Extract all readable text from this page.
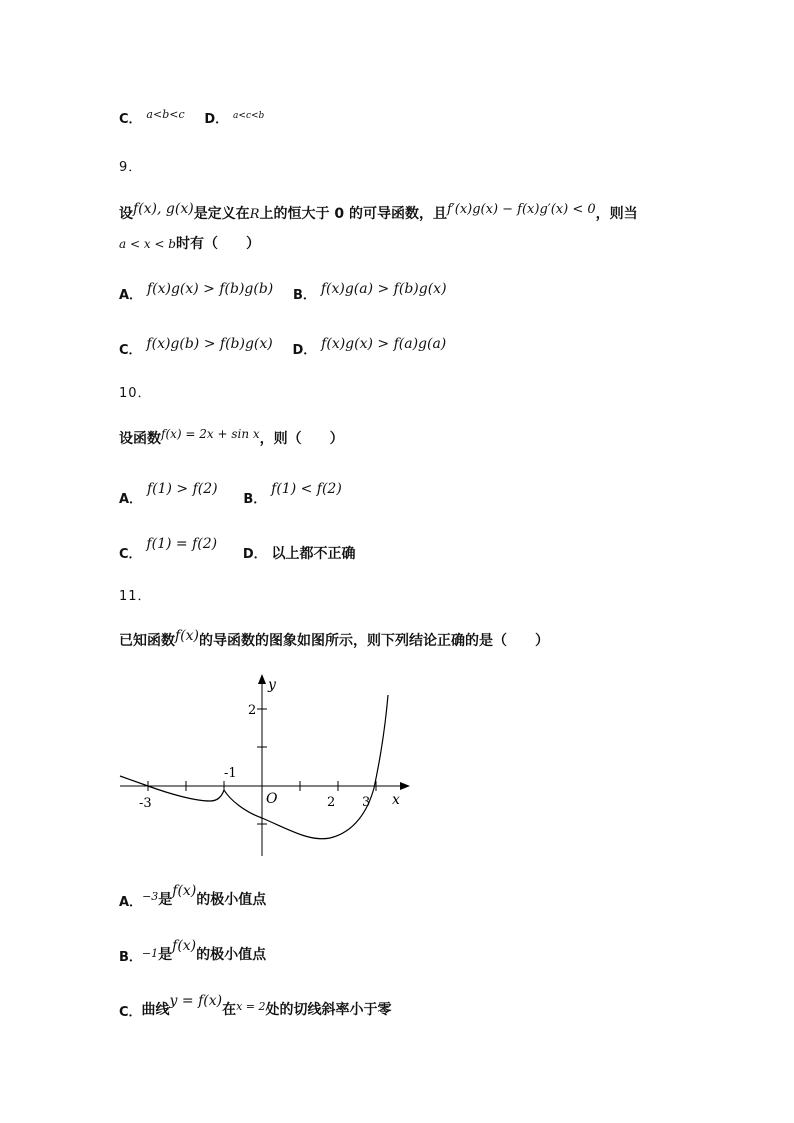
C． $^{a<b<c}$ D． $^{a<c<b}$
9．
设f(x), g(x)是定义在R上的恒大于 0 的可导函数，且f′(x)g(x) − f(x)g′(x) < 0，则当
a < x < b时有（　　）
A． f(x)g(x) > f(b)g(b) B． f(x)g(a) > f(b)g(x)
C． f(x)g(b) > f(b)g(x) D． f(x)g(x) > f(a)g(a)
10．
设函数f(x) = 2x + sin x，则（　　）
A． f(1) > f(2)  B． f(1) < f(2)
C． f(1) = f(2)  D． 以上都不正确
11．
已知函数f(x)的导函数的图象如图所示，则下列结论正确的是（　　）
y
x
O
2
-3
-1
2 3
A．−3是f(x)的极小值点
B．−1是f(x)的极小值点
C．曲线y = f(x)在x = 2处的切线斜率小于零
